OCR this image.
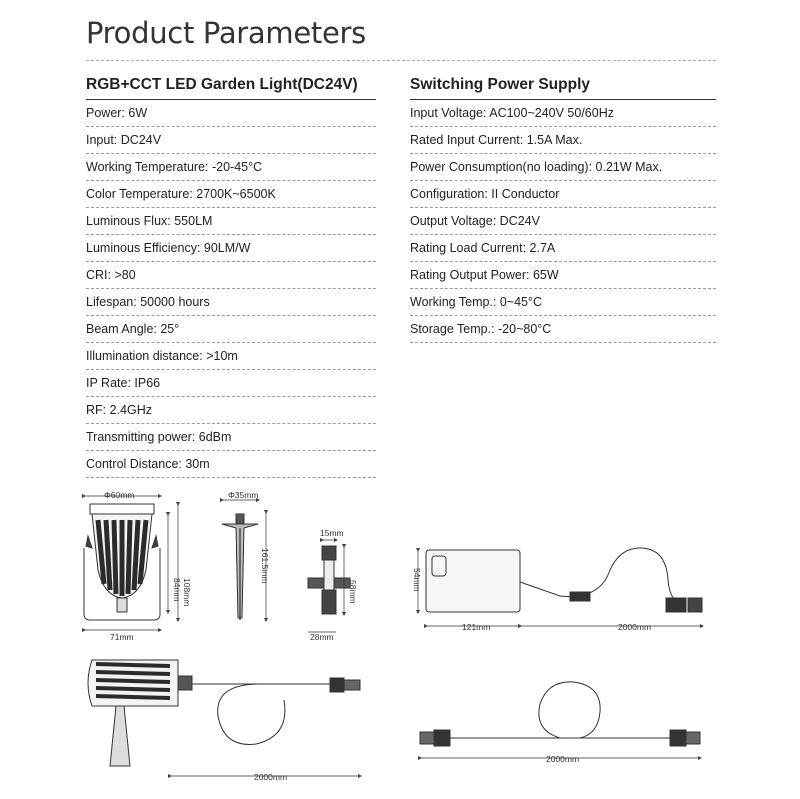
Product Parameters
RGB+CCT LED Garden Light(DC24V)
Power: 6W
Input: DC24V
Working Temperature: -20-45°C
Color Temperature: 2700K~6500K
Luminous Flux: 550LM
Luminous Efficiency: 90LM/W
CRI: >80
Lifespan: 50000 hours
Beam Angle: 25°
Illumination distance: >10m
IP Rate: IP66
RF: 2.4GHz
Transmitting power: 6dBm
Control Distance: 30m
Switching Power Supply
Input Voltage: AC100~240V 50/60Hz
Rated Input Current: 1.5A Max.
Power Consumption(no loading): 0.21W Max.
Configuration: II Conductor
Output Voltage: DC24V
Rating Load Current: 2.7A
Rating Output Power: 65W
Working Temp.: 0~45°C
Storage Temp.: -20~80°C
Φ60mm
71mm
84mm 108mm
Φ35mm
161.5mm
15mm
58mm
28mm
54mm
121mm	2000mm
2000mm
2000mm
